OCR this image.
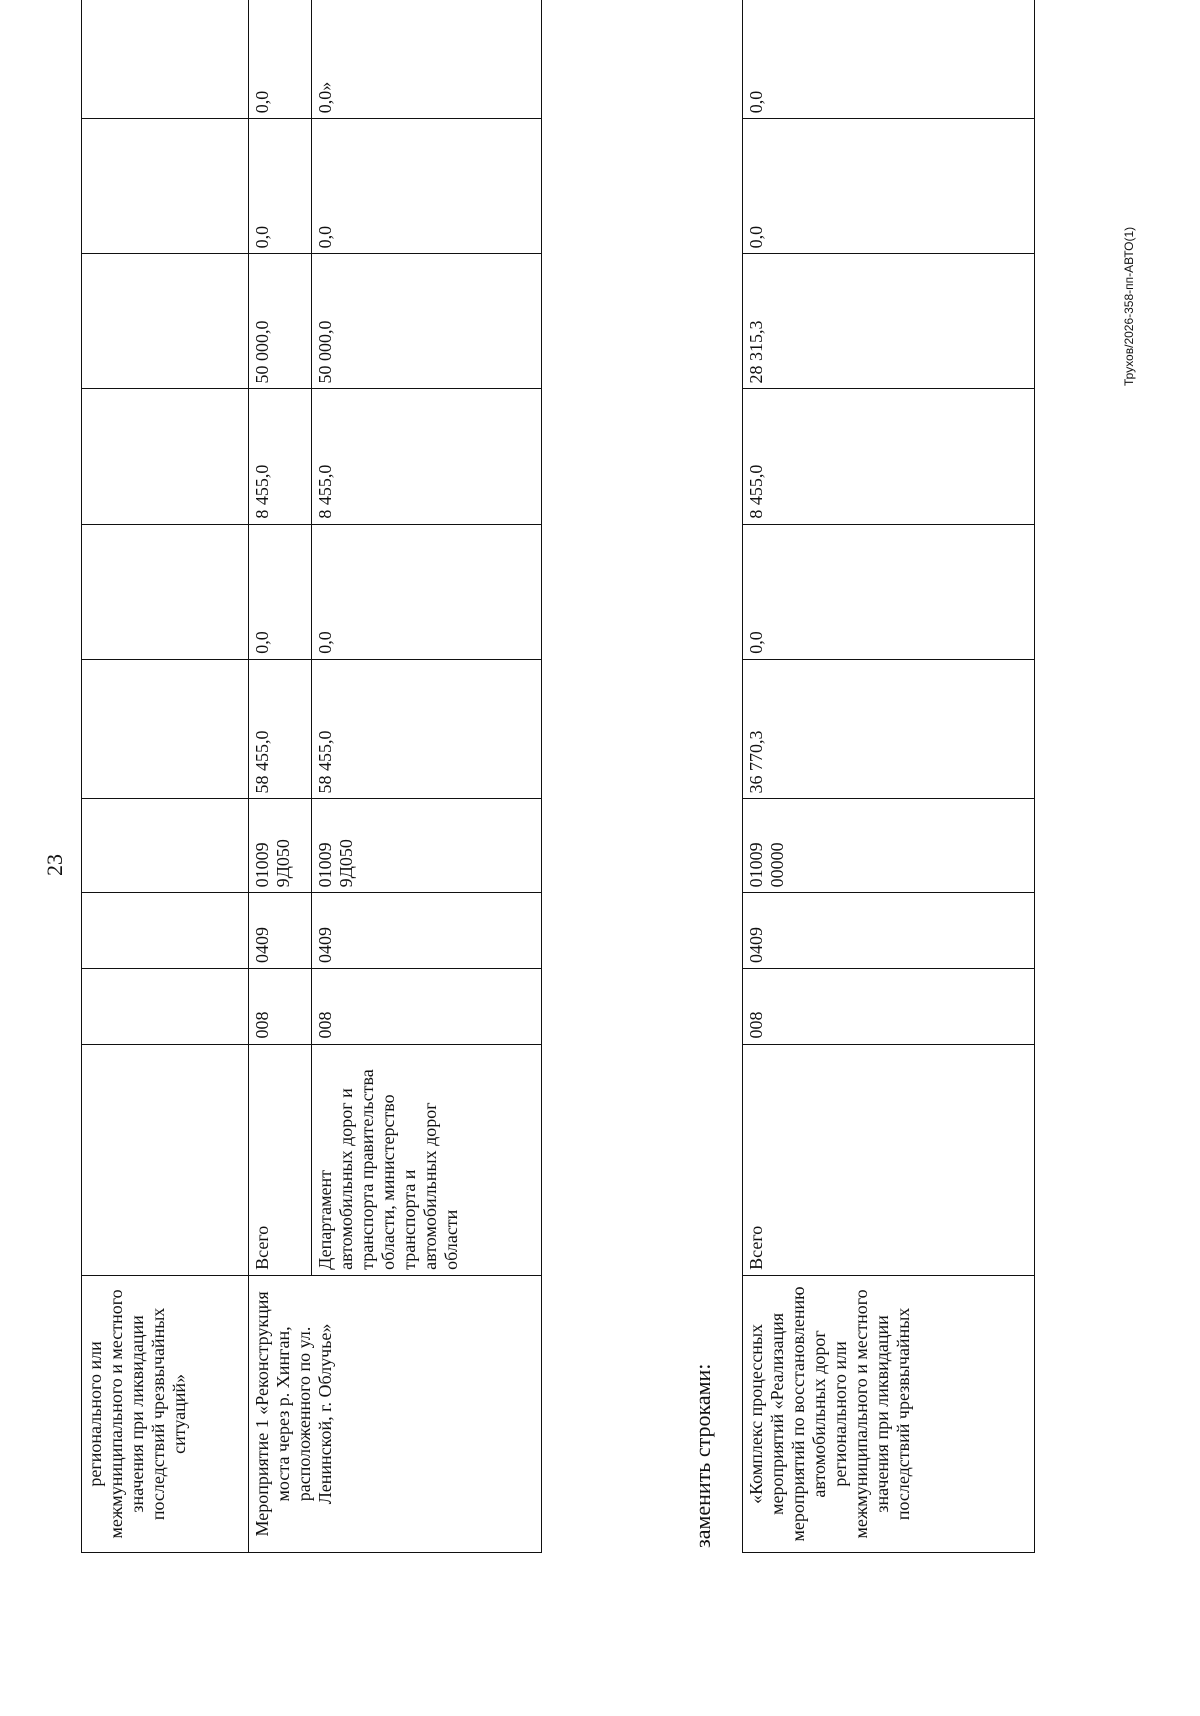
23
регионального или межмуниципального и местного значения при ликвидации последствий чрезвычайных ситуаций»										
Мероприятие 1 «Реконструкция моста через р. Хинган, расположенного по ул. Ленинской, г. Облучье»	Всего	008	0409	01009 9Д050	58 455,0	0,0	8 455,0	50 000,0	0,0	0,0
	Департамент автомобильных дорог и транспорта правительства области, министерство транспорта и автомобильных дорог области	008	0409	01009 9Д050	58 455,0	0,0	8 455,0	50 000,0	0,0	0,0»
заменить строками: «Комплекс процессных мероприятий «Реализация мероприятий по восстановлению автомобильных дорог регионального или межмуниципального и местного значения при ликвидации последствий чрезвычайных	Всего	008	0409	01009 00000	36 770,3	0,0	8 455,0	28 315,3	0,0	0,0
Трухов/2026-358-пп-АВТО(1)
